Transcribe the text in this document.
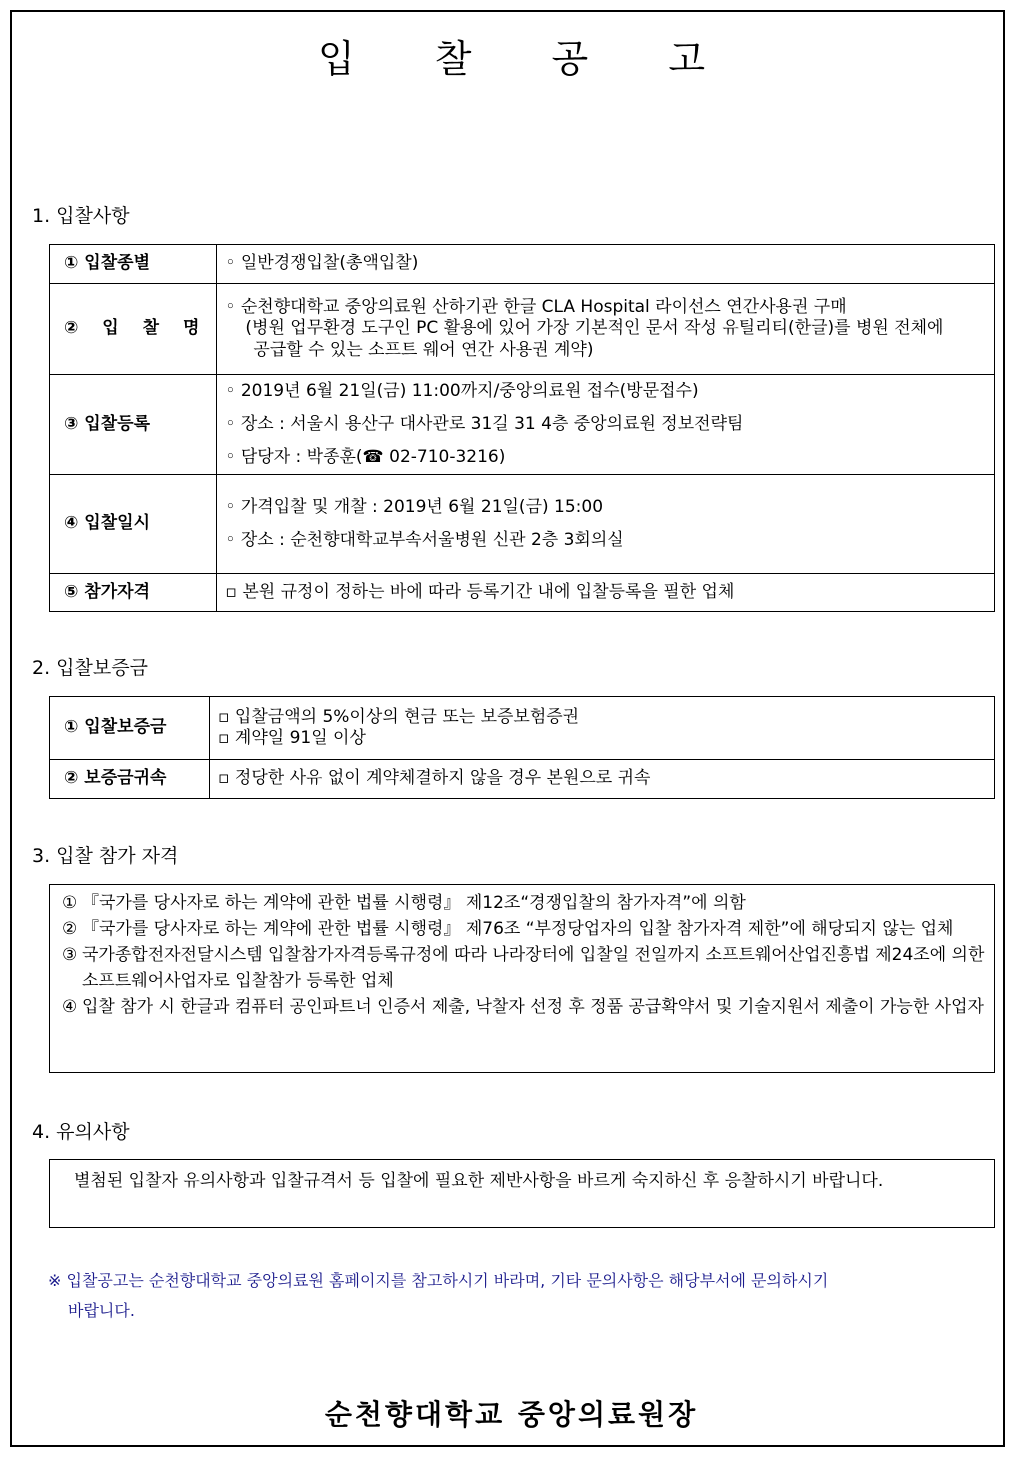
입 찰 공 고
1. 입찰사항
① 입찰종별	◦ 일반경쟁입찰(총액입찰)
② 입 찰 명	◦ 순천향대학교 중앙의료원 산하기관 한글 CLA Hospital 라이선스 연간사용권 구매
(병원 업무환경 도구인 PC 활용에 있어 가장 기본적인 문서 작성 유틸리티(한글)를 병원 전체에
공급할 수 있는 소프트 웨어 연간 사용권 계약)

③ 입찰등록	◦ 2019년 6월 21일(금) 11:00까지/중앙의료원 접수(방문접수)
◦ 장소 : 서울시 용산구 대사관로 31길 31 4층 중앙의료원 정보전략팀
◦ 담당자 : 박종훈(☎ 02-710-3216)

④ 입찰일시	◦ 가격입찰 및 개찰 : 2019년 6월 21일(금) 15:00
◦ 장소 : 순천향대학교부속서울병원 신관 2층 3회의실

⑤ 참가자격	▫ 본원 규정이 정하는 바에 따라 등록기간 내에 입찰등록을 필한 업체
2. 입찰보증금
① 입찰보증금	▫ 입찰금액의 5%이상의 현금 또는 보증보험증권
▫ 계약일 91일 이상

② 보증금귀속	▫ 정당한 사유 없이 계약체결하지 않을 경우 본원으로 귀속
3. 입찰 참가 자격
① 『국가를 당사자로 하는 계약에 관한 법률 시행령』 제12조“경쟁입찰의 참가자격”에 의함
② 『국가를 당사자로 하는 계약에 관한 법률 시행령』 제76조 “부정당업자의 입찰 참가자격 제한”에 해당되지 않는 업체
③ 국가종합전자전달시스템 입찰참가자격등록규정에 따라 나라장터에 입찰일 전일까지 소프트웨어산업진흥법 제24조에 의한 소프트웨어사업자로 입찰참가 등록한 업체
④ 입찰 참가 시 한글과 컴퓨터 공인파트너 인증서 제출, 낙찰자 선정 후 정품 공급확약서 및 기술지원서 제출이 가능한 사업자
4. 유의사항
별첨된 입찰자 유의사항과 입찰규격서 등 입찰에 필요한 제반사항을 바르게 숙지하신 후 응찰하시기 바랍니다.
※ 입찰공고는 순천향대학교 중앙의료원 홈페이지를 참고하시기 바라며, 기타 문의사항은 해당부서에 문의하시기
바랍니다.
순천향대학교 중앙의료원장
